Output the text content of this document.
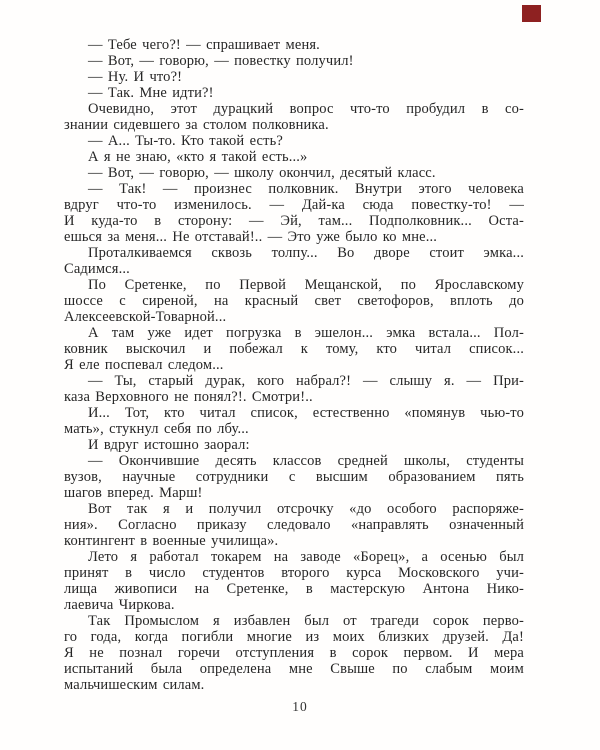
— Тебе чего?! — спрашивает меня.
— Вот, — говорю, — повестку получил!
— Ну. И что?!
— Так. Мне идти?!
Очевидно, этот дурацкий вопрос что-то пробудил в со-
знании сидевшего за столом полковника.
— А... Ты-то. Кто такой есть?
А я не знаю, «кто я такой есть...»
— Вот, — говорю, — школу окончил, десятый класс.
— Так! — произнес полковник. Внутри этого человека
вдруг что-то изменилось. — Дай-ка сюда повестку-то! —
И куда-то в сторону: — Эй, там... Подполковник... Оста-
ешься за меня... Не отставай!.. — Это уже было ко мне...
Проталкиваемся сквозь толпу... Во дворе стоит эмка...
Садимся...
По Сретенке, по Первой Мещанской, по Ярославскому
шоссе с сиреной, на красный свет светофоров, вплоть до
Алексеевской-Товарной...
А там уже идет погрузка в эшелон... эмка встала... Пол-
ковник выскочил и побежал к тому, кто читал список...
Я еле поспевал следом...
— Ты, старый дурак, кого набрал?! — слышу я. — При-
каза Верховного не понял?!. Смотри!..
И... Тот, кто читал список, естественно «помянув чью-то
мать», стукнул себя по лбу...
И вдруг истошно заорал:
— Окончившие десять классов средней школы, студенты
вузов, научные сотрудники с высшим образованием пять
шагов вперед. Марш!
Вот так я и получил отсрочку «до особого распоряже-
ния». Согласно приказу следовало «направлять означенный
контингент в военные училища».
Лето я работал токарем на заводе «Борец», а осенью был
принят в число студентов второго курса Московского учи-
лища живописи на Сретенке, в мастерскую Антона Нико-
лаевича Чиркова.
Так Промыслом я избавлен был от трагеди сорок перво-
го года, когда погибли многие из моих близких друзей. Да!
Я не познал горечи отступления в сорок первом. И мера
испытаний была определена мне Свыше по слабым моим
мальчишеским силам.
10
